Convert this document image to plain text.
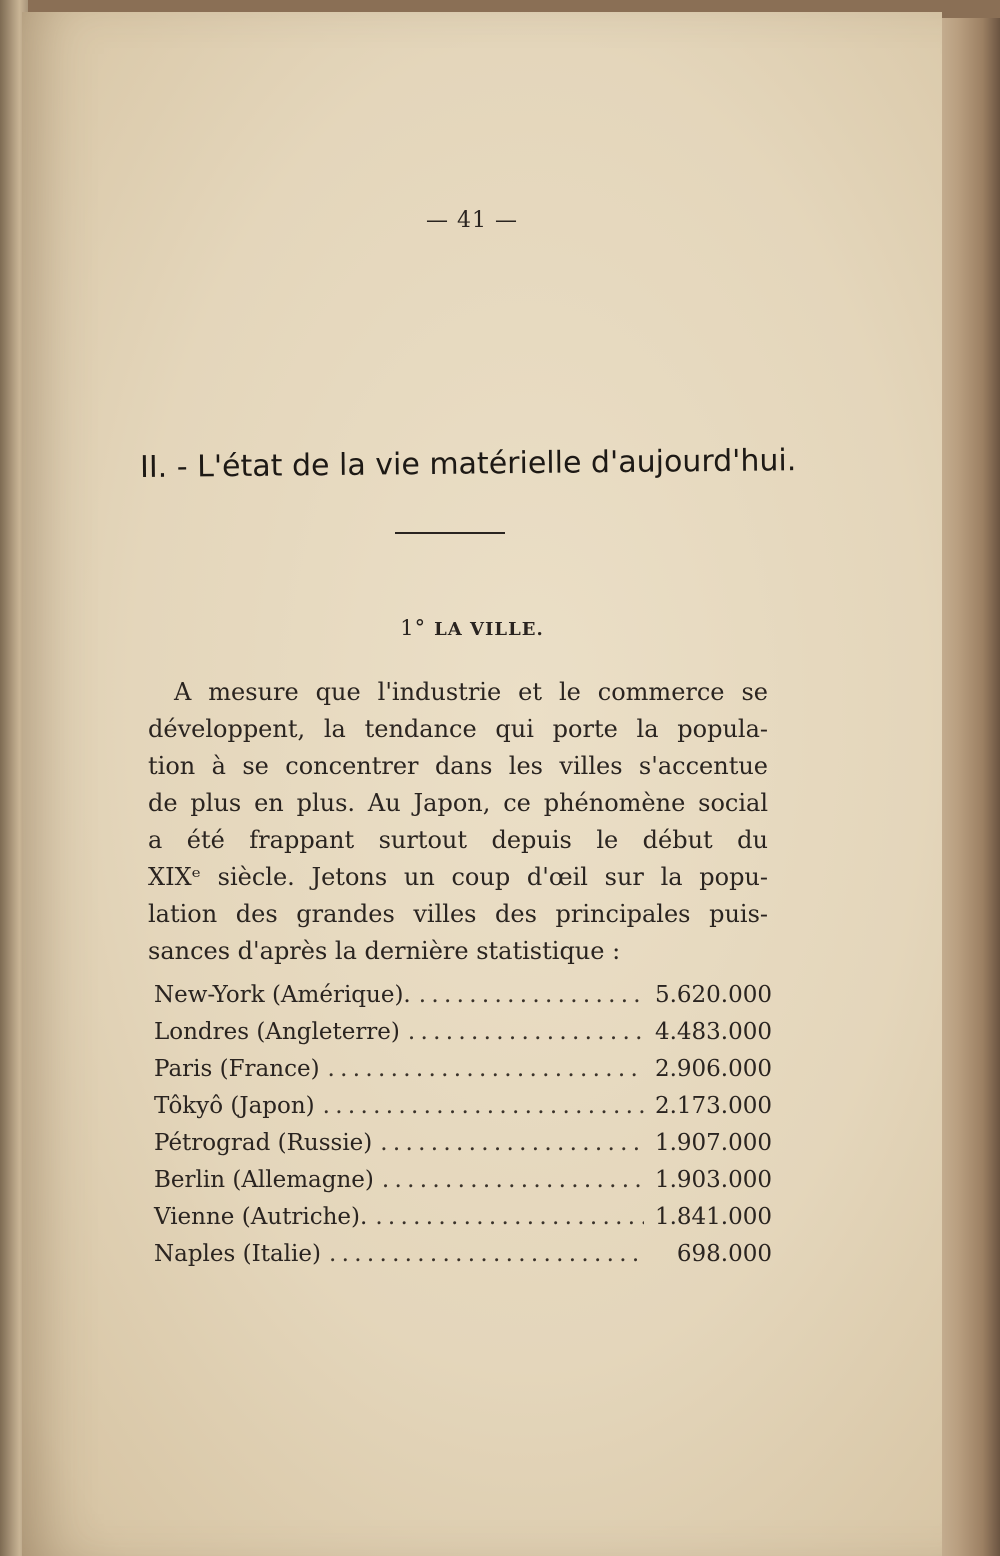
— 41 —
II. - L'état de la vie matérielle d'aujourd'hui.
1° LA VILLE.
A mesure que l'industrie et le commerce se
développent, la tendance qui porte la popula-
tion à se concentrer dans les villes s'accentue
de plus en plus. Au Japon, ce phénomène social
a été frappant surtout depuis le début du
XIXᵉ siècle. Jetons un coup d'œil sur la popu-
lation des grandes villes des principales puis-
sances d'après la dernière statistique :
New-York (Amérique). . . .	5.620.000
Londres (Angleterre) . . .	4.483.000
Paris (France) . . .	2.906.000
Tôkyô (Japon) . . .	2.173.000
Pétrograd (Russie) . . .	1.907.000
Berlin (Allemagne) . . .	1.903.000
Vienne (Autriche). . . .	1.841.000
Naples (Italie) . . .	698.000
